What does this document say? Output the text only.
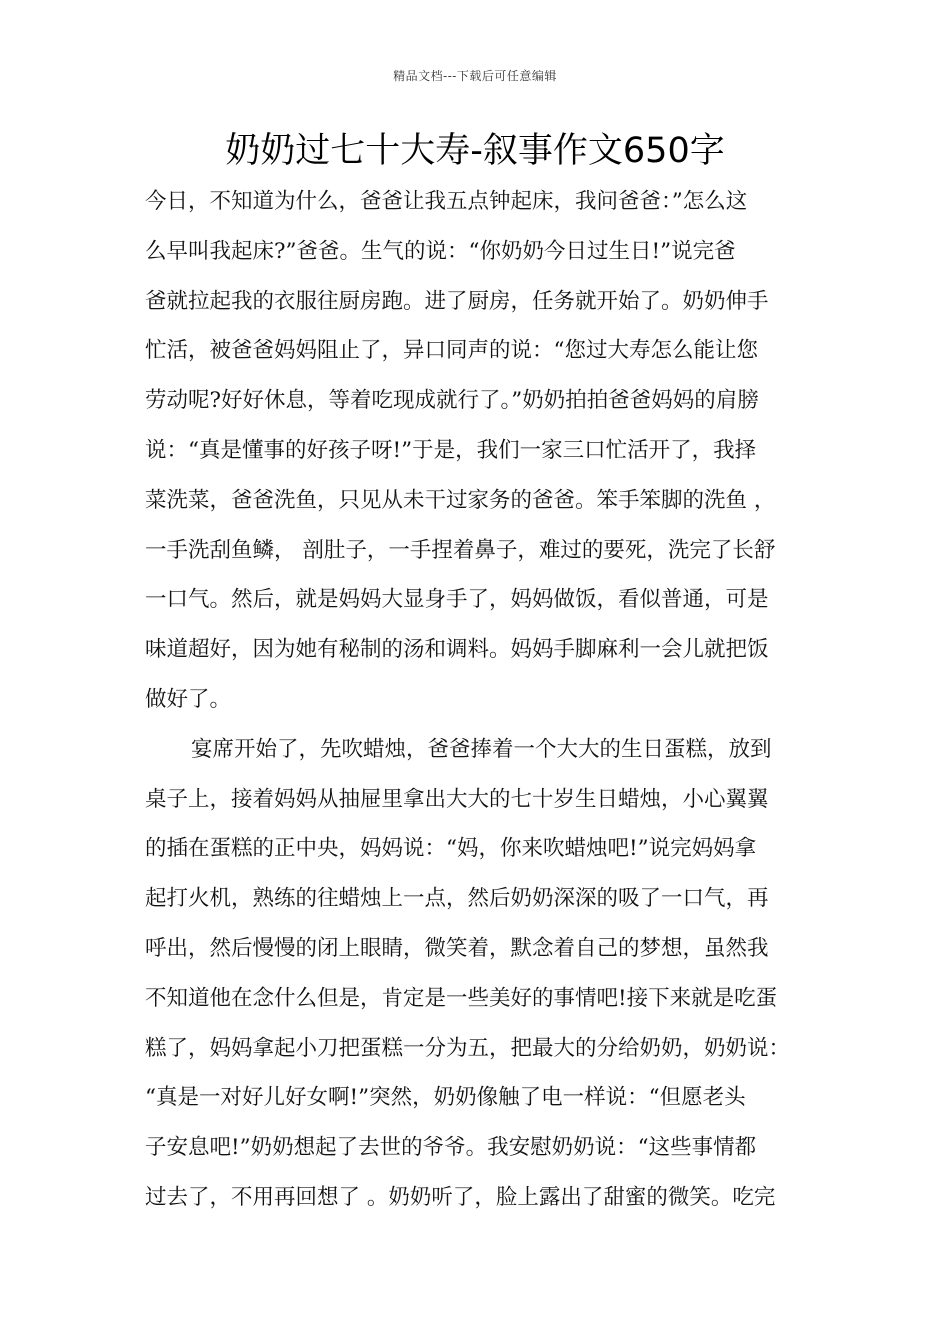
精品文档---下载后可任意编辑
奶奶过七十大寿-叙事作文650字
今日，不知道为什么，爸爸让我五点钟起床，我问爸爸：”怎么这
么早叫我起床?”爸爸。生气的说：“你奶奶今日过生日!”说完爸
爸就拉起我的衣服往厨房跑。进了厨房，任务就开始了。奶奶伸手
忙活，被爸爸妈妈阻止了，异口同声的说：“您过大寿怎么能让您
劳动呢?好好休息，等着吃现成就行了。”奶奶拍拍爸爸妈妈的肩膀
说：“真是懂事的好孩子呀!”于是，我们一家三口忙活开了，我择
菜洗菜，爸爸洗鱼，只见从未干过家务的爸爸。笨手笨脚的洗鱼 ，
一手洗刮鱼鳞， 剖肚子，一手捏着鼻子，难过的要死，洗完了长舒
一口气。然后，就是妈妈大显身手了，妈妈做饭，看似普通，可是
味道超好，因为她有秘制的汤和调料。妈妈手脚麻利一会儿就把饭
做好了。
宴席开始了，先吹蜡烛，爸爸捧着一个大大的生日蛋糕，放到
桌子上，接着妈妈从抽屉里拿出大大的七十岁生日蜡烛，小心翼翼
的插在蛋糕的正中央，妈妈说：“妈，你来吹蜡烛吧!”说完妈妈拿
起打火机，熟练的往蜡烛上一点，然后奶奶深深的吸了一口气，再
呼出，然后慢慢的闭上眼睛，微笑着，默念着自己的梦想，虽然我
不知道他在念什么但是，肯定是一些美好的事情吧!接下来就是吃蛋
糕了，妈妈拿起小刀把蛋糕一分为五，把最大的分给奶奶，奶奶说：
“真是一对好儿好女啊!”突然，奶奶像触了电一样说：“但愿老头
子安息吧!”奶奶想起了去世的爷爷。我安慰奶奶说：“这些事情都
过去了，不用再回想了 。奶奶听了，脸上露出了甜蜜的微笑。吃完
